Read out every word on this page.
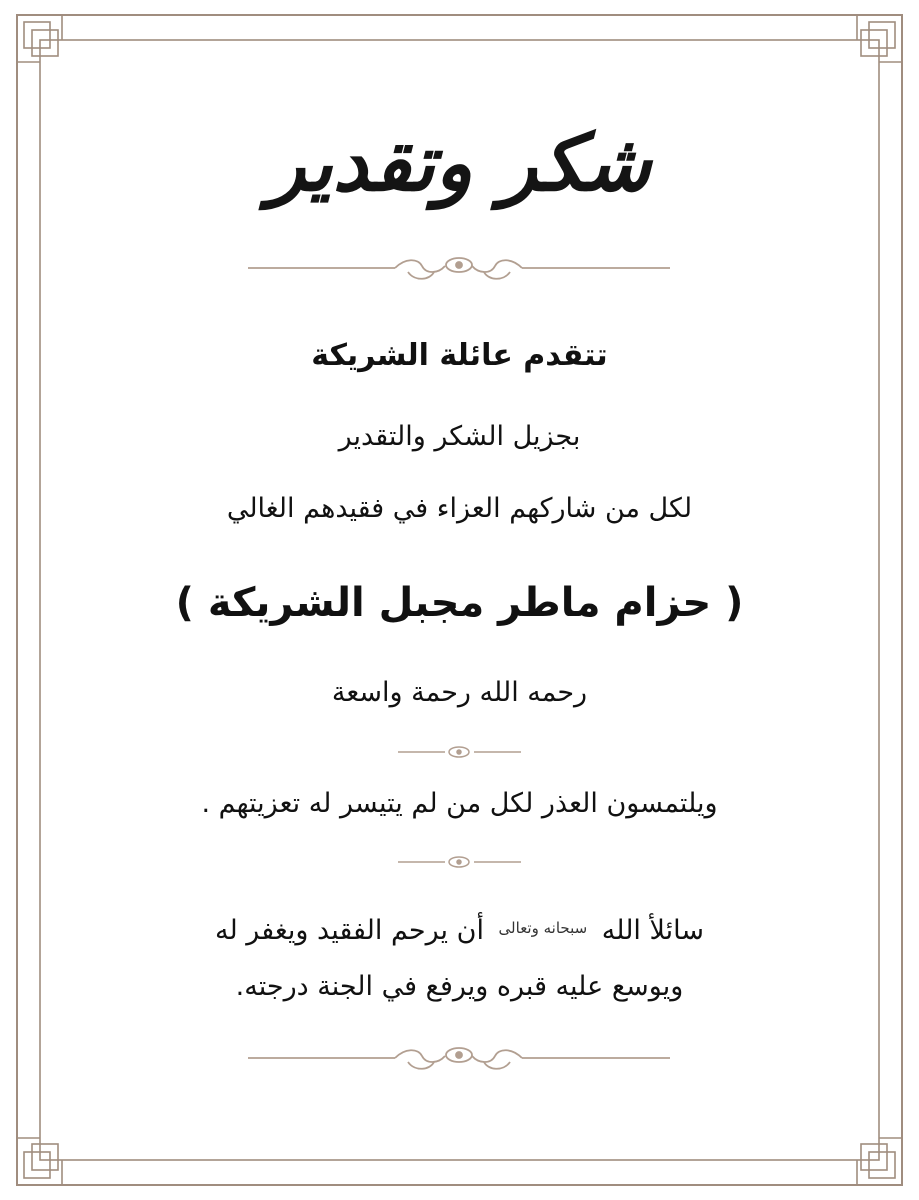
شكر وتقدير
تتقدم عائلة الشريكة
بجزيل الشكر والتقدير
لكل من شاركهم العزاء في فقيدهم الغالي
( حزام ماطر مجبل الشريكة )
رحمه الله رحمة واسعة
ويلتمسون العذر لكل من لم يتيسر له تعزيتهم .
سائلأ الله سبحانه وتعالى أن يرحم الفقيد ويغفر له
ويوسع عليه قبره ويرفع في الجنة درجته.
